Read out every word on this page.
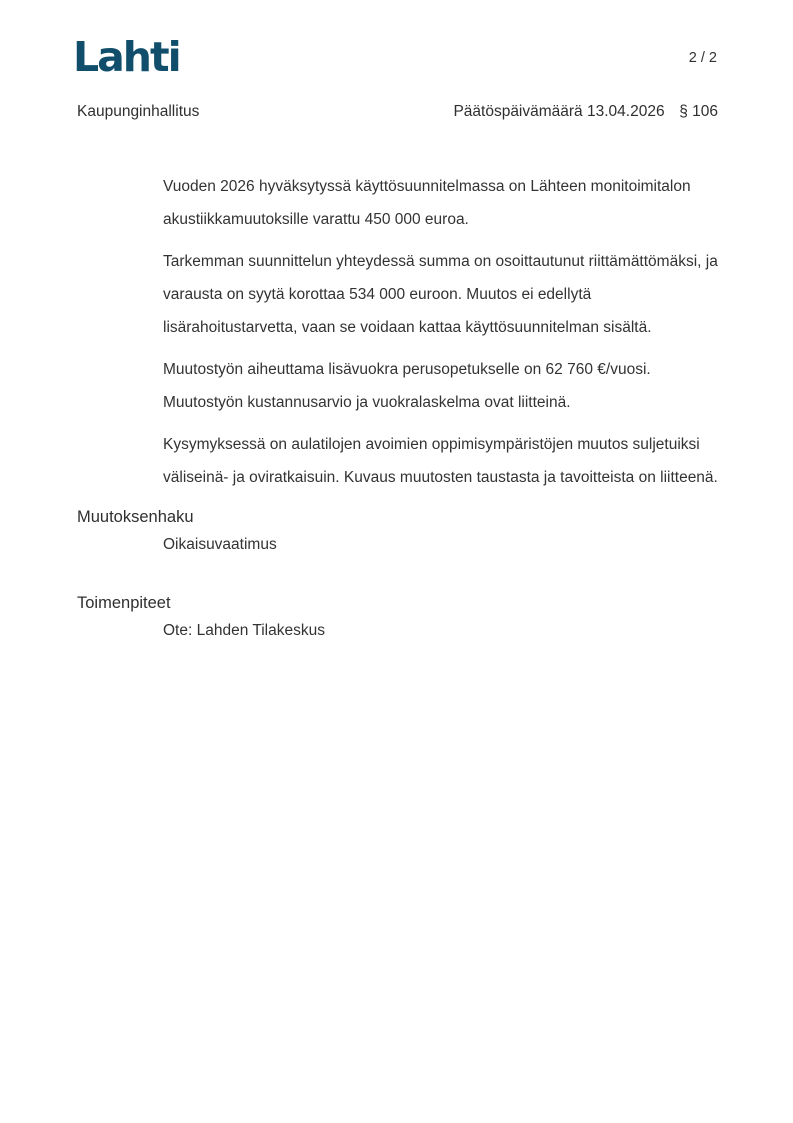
Lahti	2 / 2
Kaupunginhallitus	Päätöspäivämäärä 13.04.2026 § 106

Vuoden 2026 hyväksytyssä käyttösuunnitelmassa on Lähteen monitoimitalon akustiikkamuutoksille varattu 450 000 euroa.

Tarkemman suunnittelun yhteydessä summa on osoittautunut riittämättömäksi, ja varausta on syytä korottaa 534 000 euroon. Muutos ei edellytä lisärahoitustarvetta, vaan se voidaan kattaa käyttösuunnitelman sisältä.

Muutostyön aiheuttama lisävuokra perusopetukselle on 62 760 €/vuosi. Muutostyön kustannusarvio ja vuokralaskelma ovat liitteinä.

Kysymyksessä on aulatilojen avoimien oppimisympäristöjen muutos suljetuiksi väliseinä- ja oviratkaisuin. Kuvaus muutosten taustasta ja tavoitteista on liitteenä.

Muutoksenhaku
Oikaisuvaatimus
Toimenpiteet
Ote: Lahden Tilakeskus
